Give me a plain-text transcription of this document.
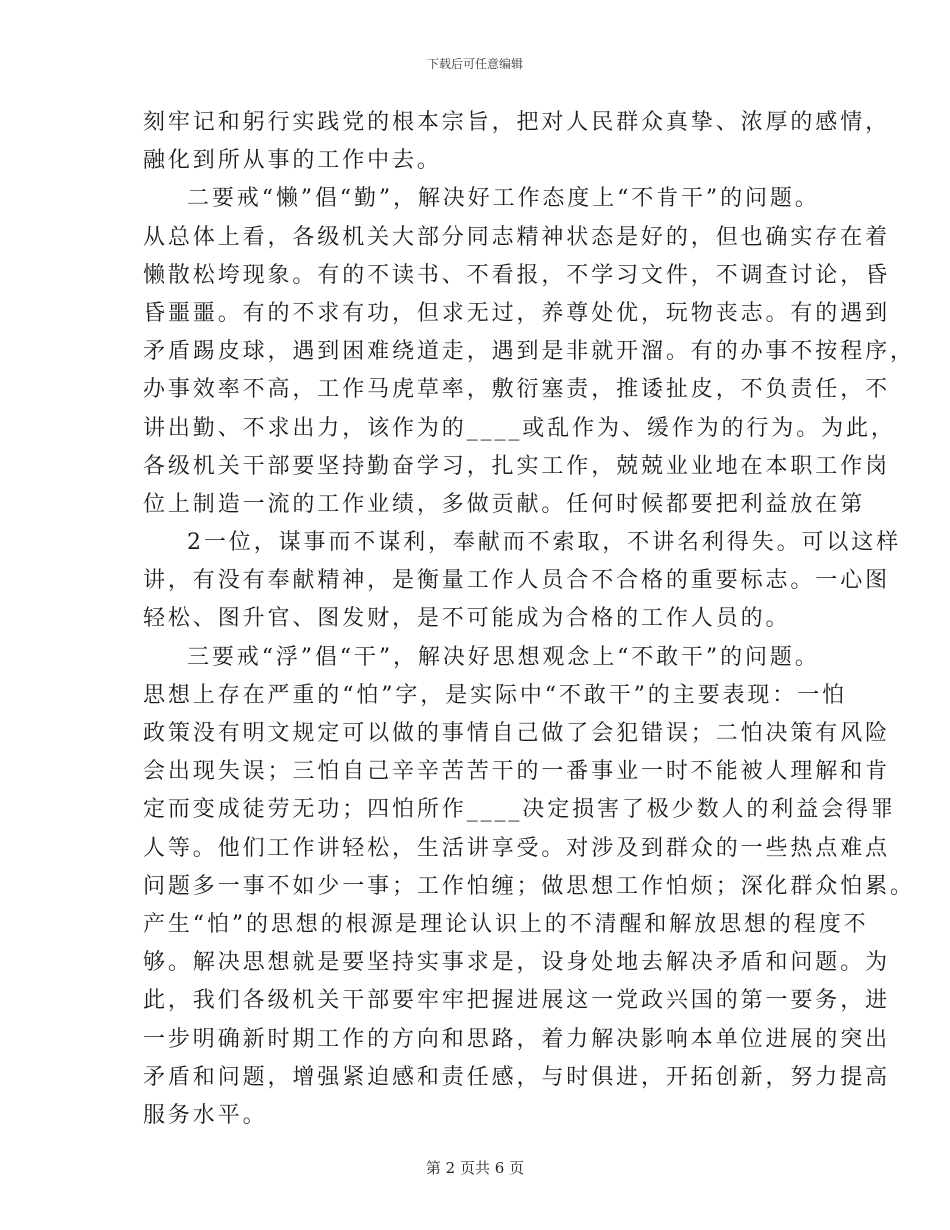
下载后可任意编辑
刻牢记和躬行实践党的根本宗旨，把对人民群众真挚、浓厚的感情，
融化到所从事的工作中去。
二要戒“懒”倡“勤”，解决好工作态度上“不肯干”的问题。
从总体上看，各级机关大部分同志精神状态是好的，但也确实存在着
懒散松垮现象。有的不读书、不看报，不学习文件，不调查讨论，昏
昏噩噩。有的不求有功，但求无过，养尊处优，玩物丧志。有的遇到
矛盾踢皮球，遇到困难绕道走，遇到是非就开溜。有的办事不按程序，
办事效率不高，工作马虎草率，敷衍塞责，推诿扯皮，不负责任，不
讲出勤、不求出力，该作为的____或乱作为、缓作为的行为。为此，
各级机关干部要坚持勤奋学习，扎实工作，兢兢业业地在本职工作岗
位上制造一流的工作业绩，多做贡献。任何时候都要把利益放在第
2一位，谋事而不谋利，奉献而不索取，不讲名利得失。可以这样
讲，有没有奉献精神，是衡量工作人员合不合格的重要标志。一心图
轻松、图升官、图发财，是不可能成为合格的工作人员的。
三要戒“浮”倡“干”，解决好思想观念上“不敢干”的问题。
思想上存在严重的“怕”字，是实际中“不敢干”的主要表现：一怕
政策没有明文规定可以做的事情自己做了会犯错误；二怕决策有风险
会出现失误；三怕自己辛辛苦苦干的一番事业一时不能被人理解和肯
定而变成徒劳无功；四怕所作____决定损害了极少数人的利益会得罪
人等。他们工作讲轻松，生活讲享受。对涉及到群众的一些热点难点
问题多一事不如少一事；工作怕缠；做思想工作怕烦；深化群众怕累。
产生“怕”的思想的根源是理论认识上的不清醒和解放思想的程度不
够。解决思想就是要坚持实事求是，设身处地去解决矛盾和问题。为
此，我们各级机关干部要牢牢把握进展这一党政兴国的第一要务，进
一步明确新时期工作的方向和思路，着力解决影响本单位进展的突出
矛盾和问题，增强紧迫感和责任感，与时俱进，开拓创新，努力提高
服务水平。
第 2 页共 6 页
